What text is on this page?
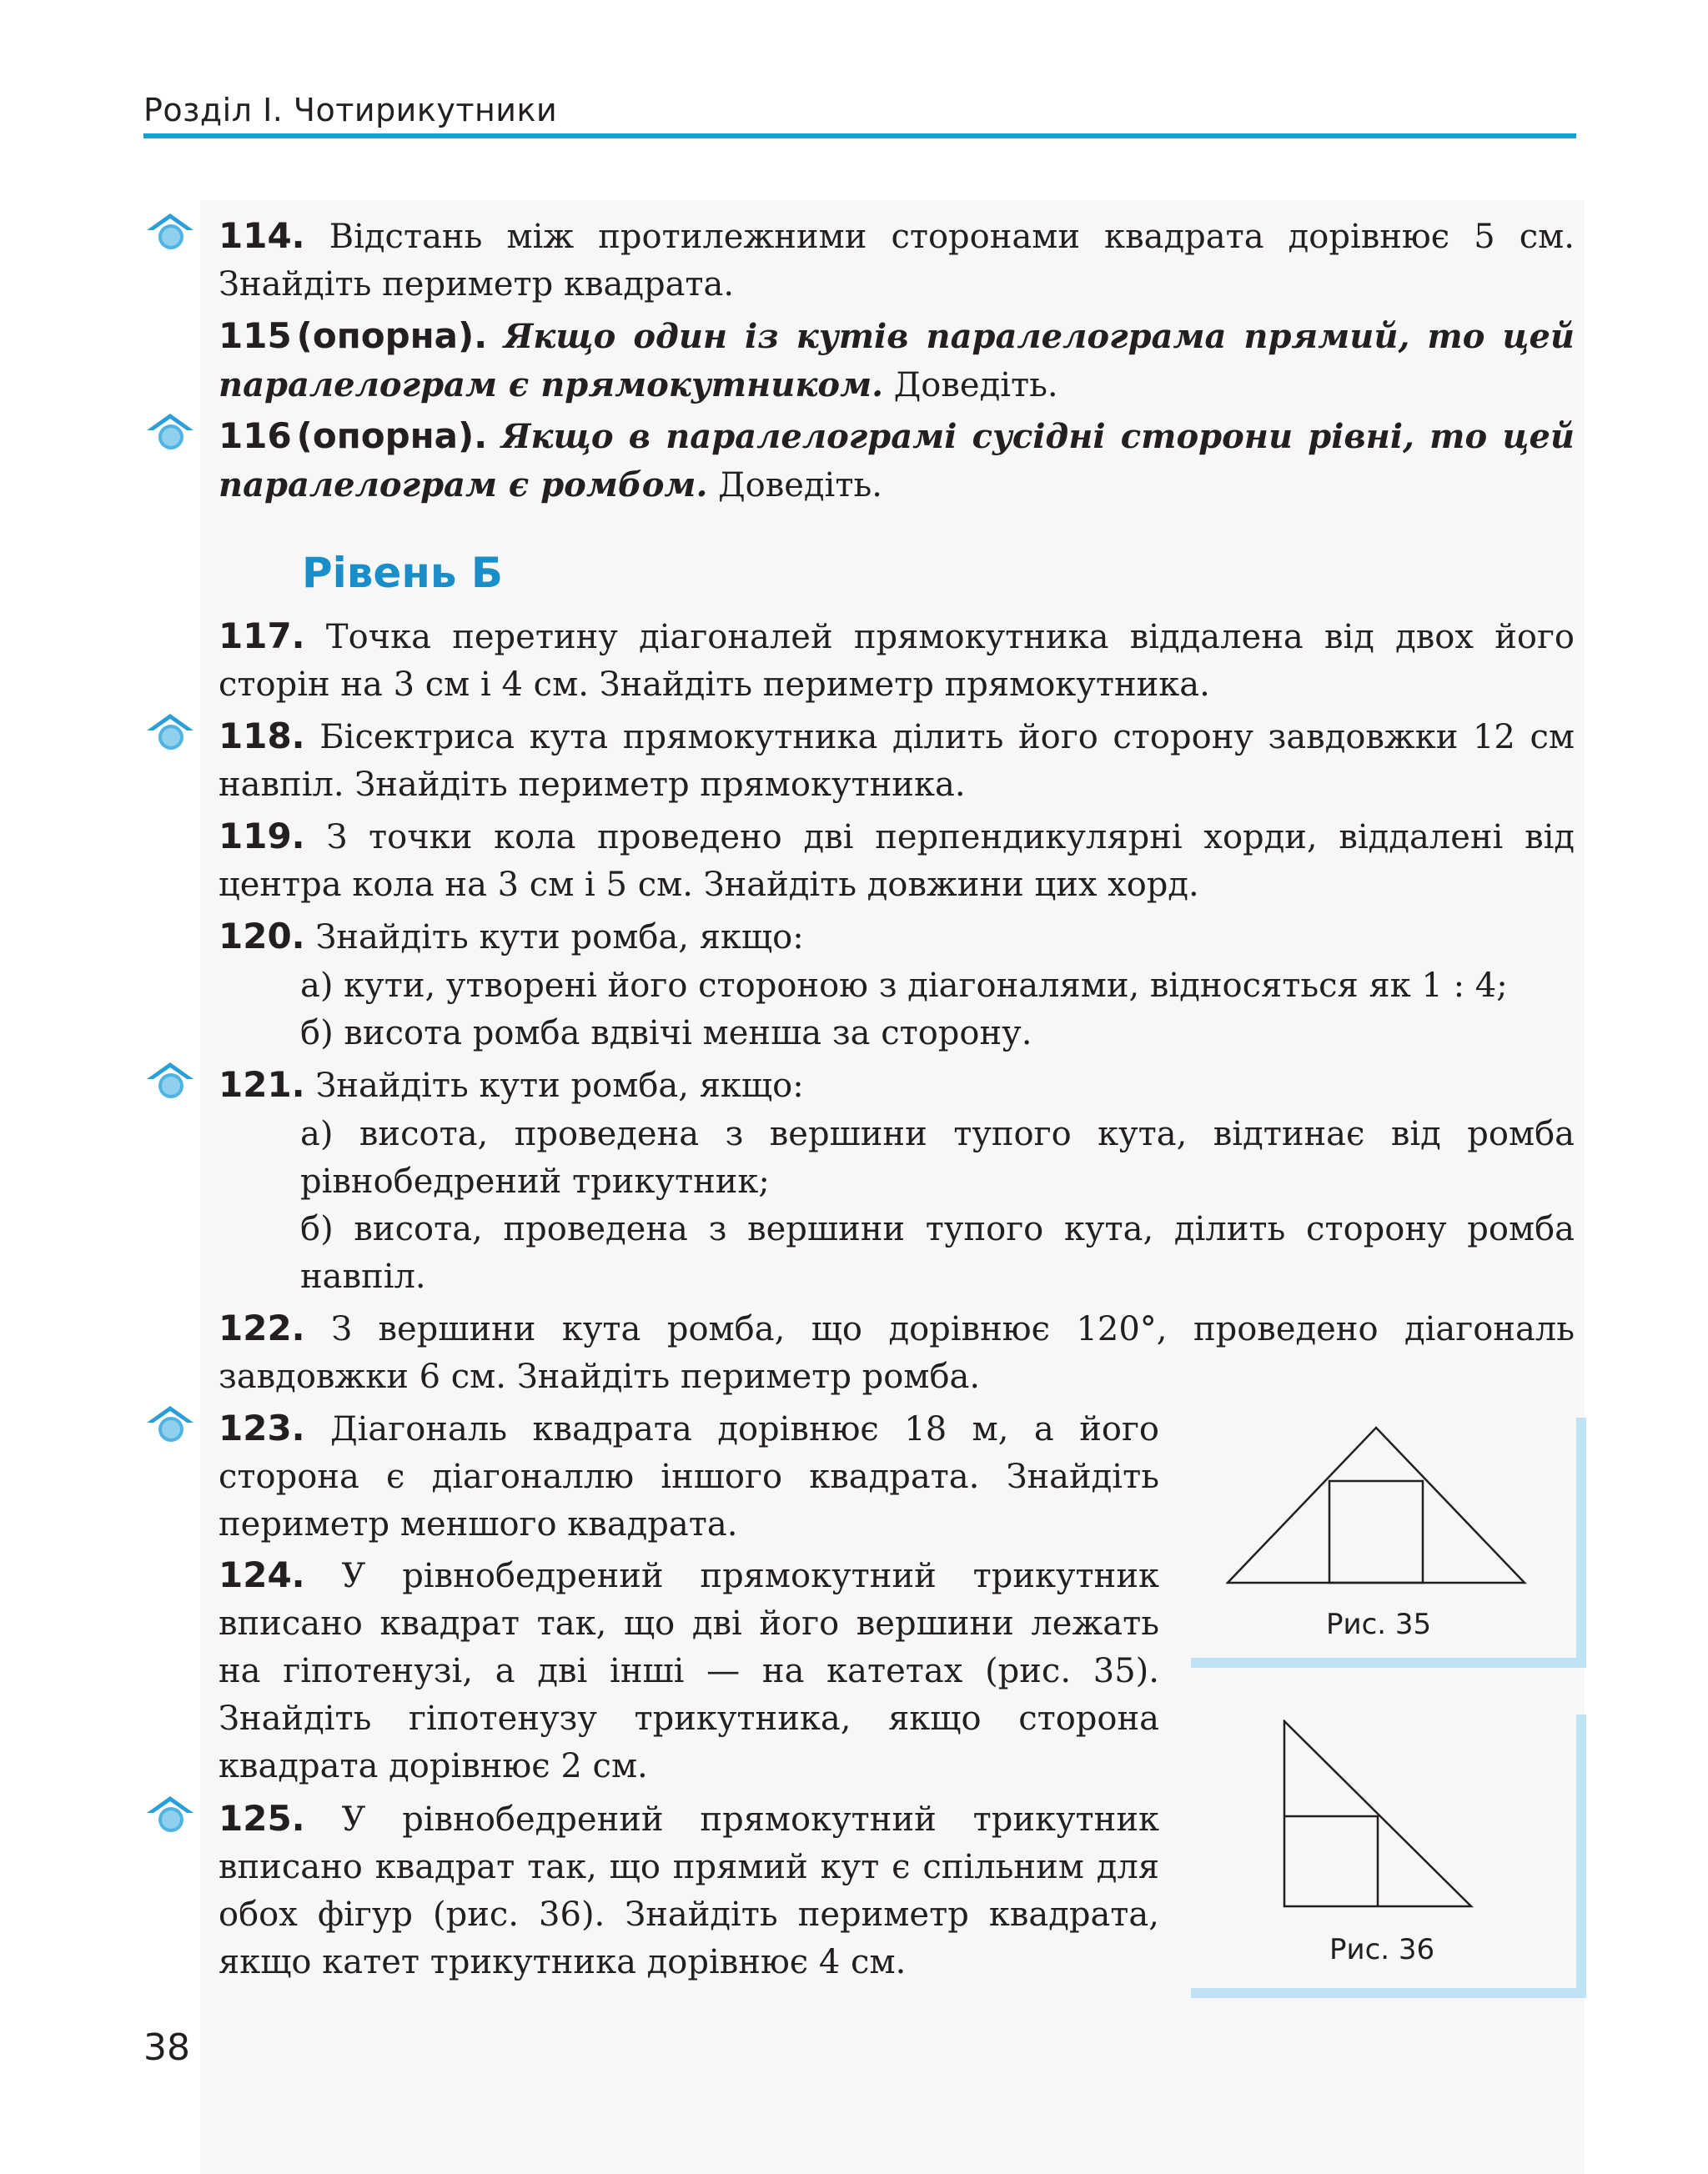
Розділ I. Чотирикутники
114. Відстань між протилежними сторонами квадрата дорівнює 5 см. Знайдіть периметр квадрата.
115 (опорна). Якщо один із кутів паралелограма прямий, то цей паралелограм є прямокутником. Доведіть.
116 (опорна). Якщо в паралелограмі сусідні сторони рівні, то цей паралелограм є ромбом. Доведіть.
Рівень Б
117. Точка перетину діагоналей прямокутника віддалена від двох його сторін на 3 см і 4 см. Знайдіть периметр прямокутника.
118. Бісектриса кута прямокутника ділить його сторону завдовжки 12 см навпіл. Знайдіть периметр прямокутника.
119. З точки кола проведено дві перпендикулярні хорди, віддалені від центра кола на 3 см і 5 см. Знайдіть довжини цих хорд.
120. Знайдіть кути ромба, якщо:
а) кути, утворені його стороною з діагоналями, відносяться як 1 : 4;
б) висота ромба вдвічі менша за сторону.
121. Знайдіть кути ромба, якщо:
а) висота, проведена з вершини тупого кута, відтинає від ромба рівнобедрений трикутник;
б) висота, проведена з вершини тупого кута, ділить сторону ромба навпіл.
122. З вершини кута ромба, що дорівнює 120°, проведено діагональ завдовжки 6 см. Знайдіть периметр ромба.
123. Діагональ квадрата дорівнює 18 м, а його сторона є діагоналлю іншого квадрата. Знайдіть периметр меншого квадрата.
124. У рівнобедрений прямокутний трикутник вписано квадрат так, що дві його вершини лежать на гіпотенузі, а дві інші — на катетах (рис. 35). Знайдіть гіпотенузу трикутника, якщо сторона квадрата дорівнює 2 см.
125. У рівнобедрений прямокутний трикутник вписано квадрат так, що прямий кут є спільним для обох фігур (рис. 36). Знайдіть периметр квадрата, якщо катет трикутника дорівнює 4 см.
Рис. 35
Рис. 36
38
